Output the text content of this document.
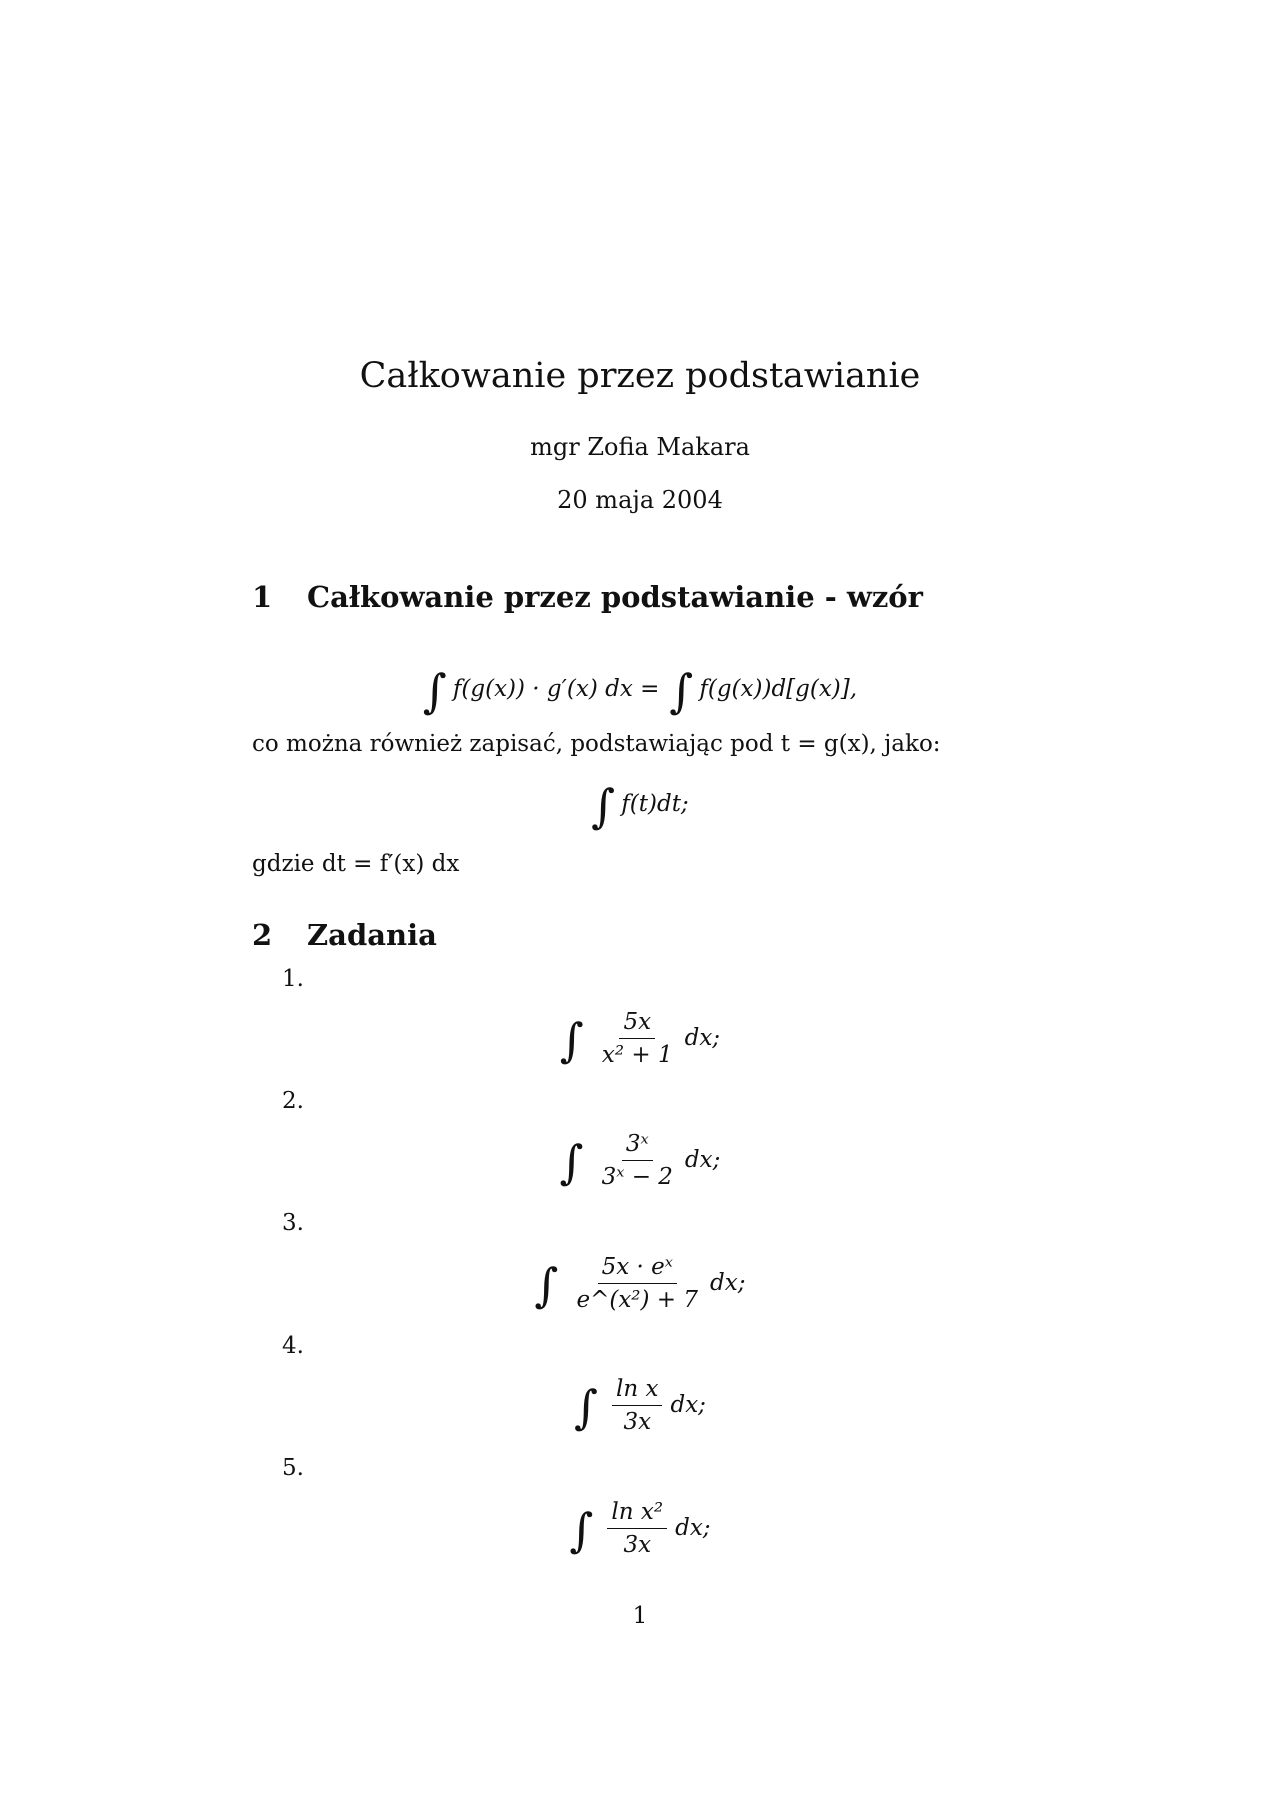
Całkowanie przez podstawianie
mgr Zofia Makara
20 maja 2004
1 Całkowanie przez podstawianie - wzór
∫ f(g(x)) · g′(x) dx = ∫ f(g(x))d[g(x)],
co można również zapisać, podstawiając pod t = g(x), jako:
∫ f(t)dt;
gdzie dt = f′(x) dx
2 Zadania
1.
∫ $\frac{5x}{\text{x² + 1}}$ dx;
2.
∫ $\frac{\text{3ˣ}}{\text{3ˣ − 2}}$ dx;
3.
∫ $\frac{\text{5x · eˣ}}{\text{e\textasciicircum{}(x²) + 7}}$ dx;
4.
∫ $\frac{\text{ln x}}{3x}$ dx;
5.
∫ $\frac{\text{ln x²}}{3x}$ dx;
1
